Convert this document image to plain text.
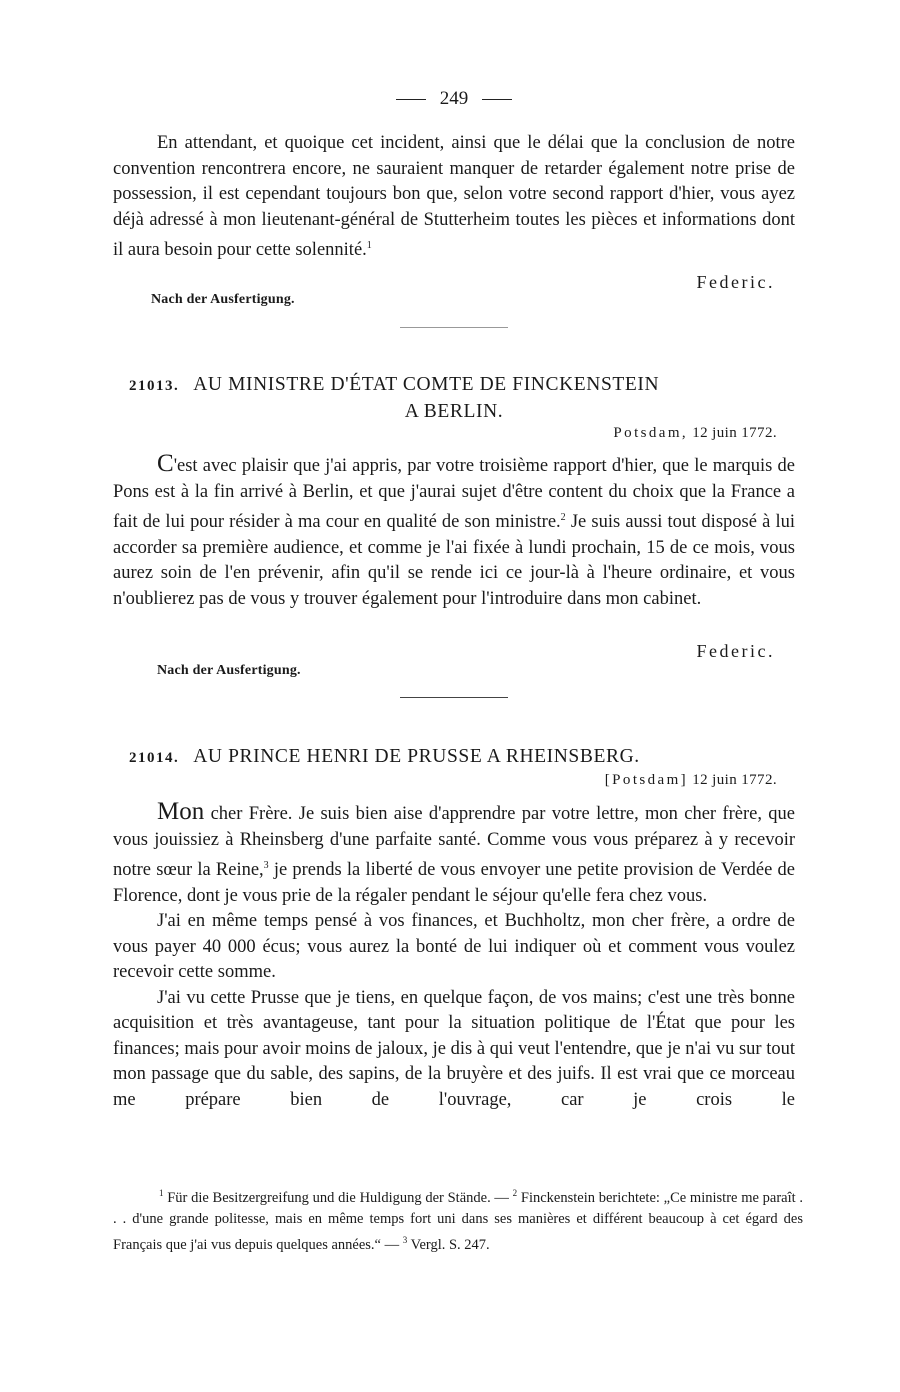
249

En attendant, et quoique cet incident, ainsi que le délai que la conclusion de notre convention rencontrera encore, ne sauraient manquer de retarder également notre prise de possession, il est cependant toujours bon que, selon votre second rapport d'hier, vous ayez déjà adressé à mon lieutenant-général de Stutterheim toutes les pièces et informations dont il aura besoin pour cette solennité.$^1$

Federic.
Nach der Ausfertigung.
21013. AU MINISTRE D'ÉTAT COMTE DE FINCKENSTEIN
A BERLIN.
Potsdam, 12 juin 1772.

C'est avec plaisir que j'ai appris, par votre troisième rapport d'hier, que le marquis de Pons est à la fin arrivé à Berlin, et que j'aurai sujet d'être content du choix que la France a fait de lui pour résider à ma cour en qualité de son ministre.$^2$ Je suis aussi tout disposé à lui accorder sa première audience, et comme je l'ai fixée à lundi prochain, 15 de ce mois, vous aurez soin de l'en prévenir, afin qu'il se rende ici ce jour-là à l'heure ordinaire, et vous n'oublierez pas de vous y trouver également pour l'introduire dans mon cabinet.

Federic.
Nach der Ausfertigung.
21014. AU PRINCE HENRI DE PRUSSE A RHEINSBERG.
[Potsdam] 12 juin 1772.

Mon cher Frère. Je suis bien aise d'apprendre par votre lettre, mon cher frère, que vous jouissiez à Rheinsberg d'une parfaite santé. Comme vous vous préparez à y recevoir notre sœur la Reine,$^3$ je prends la liberté de vous envoyer une petite provision de Verdée de Florence, dont je vous prie de la régaler pendant le séjour qu'elle fera chez vous.

J'ai en même temps pensé à vos finances, et Buchholtz, mon cher frère, a ordre de vous payer 40 000 écus; vous aurez la bonté de lui indiquer où et comment vous voulez recevoir cette somme.

J'ai vu cette Prusse que je tiens, en quelque façon, de vos mains; c'est une très bonne acquisition et très avantageuse, tant pour la situation politique de l'État que pour les finances; mais pour avoir moins de jaloux, je dis à qui veut l'entendre, que je n'ai vu sur tout mon passage que du sable, des sapins, de la bruyère et des juifs. Il est vrai que ce morceau me prépare bien de l'ouvrage, car je crois le

$^1$ Für die Besitzergreifung und die Huldigung der Stände. — $^2$ Finckenstein berichtete: „Ce ministre me paraît . . . d'une grande politesse, mais en même temps fort uni dans ses manières et différent beaucoup à cet égard des Français que j'ai vus depuis quelques années.“ — $^3$ Vergl. S. 247.
